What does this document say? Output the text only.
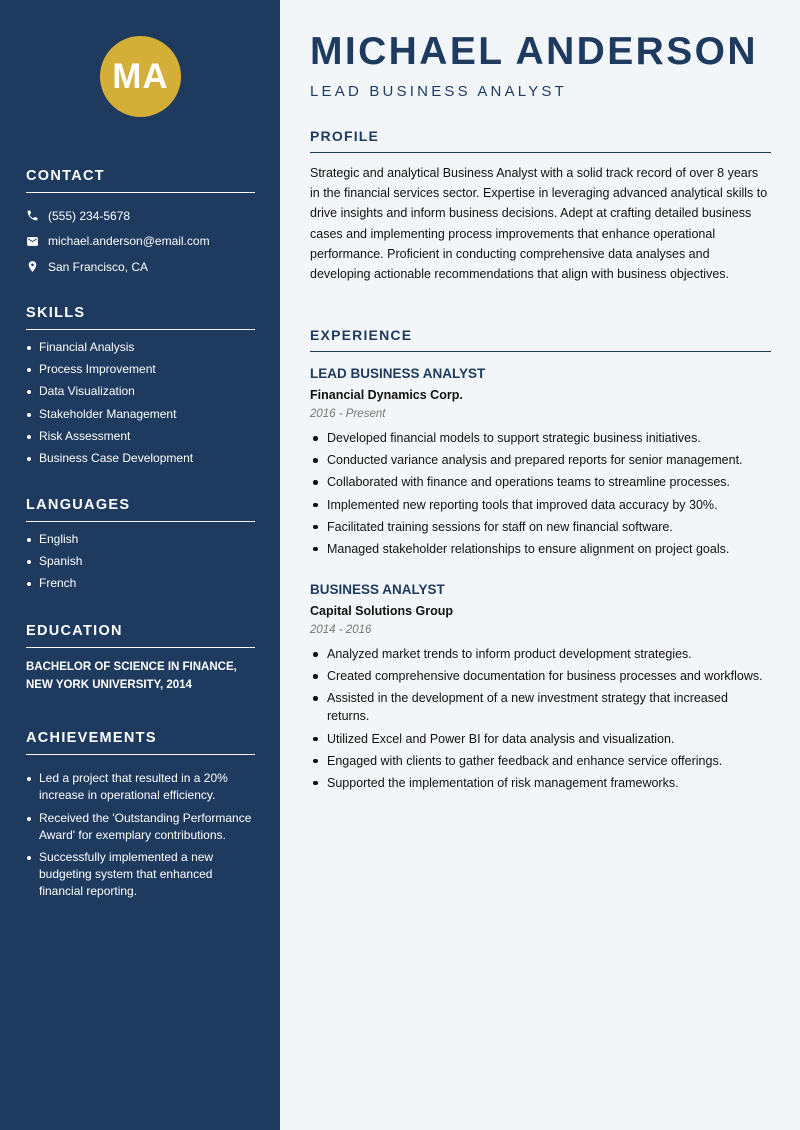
MA
CONTACT
(555) 234-5678
michael.anderson@email.com
San Francisco, CA
SKILLS
Financial Analysis
Process Improvement
Data Visualization
Stakeholder Management
Risk Assessment
Business Case Development
LANGUAGES
English
Spanish
French
EDUCATION
BACHELOR OF SCIENCE IN FINANCE,
NEW YORK UNIVERSITY, 2014
ACHIEVEMENTS
Led a project that resulted in a 20% increase in operational efficiency.
Received the 'Outstanding Performance Award' for exemplary contributions.
Successfully implemented a new budgeting system that enhanced financial reporting.
MICHAEL ANDERSON
LEAD BUSINESS ANALYST
PROFILE

Strategic and analytical Business Analyst with a solid track record of over 8 years in the financial services sector. Expertise in leveraging advanced analytical skills to drive insights and inform business decisions. Adept at crafting detailed business cases and implementing process improvements that enhance operational performance. Proficient in conducting comprehensive data analyses and developing actionable recommendations that align with business objectives.

EXPERIENCE
LEAD BUSINESS ANALYST
Financial Dynamics Corp.
2016 - Present
Developed financial models to support strategic business initiatives.
Conducted variance analysis and prepared reports for senior management.
Collaborated with finance and operations teams to streamline processes.
Implemented new reporting tools that improved data accuracy by 30%.
Facilitated training sessions for staff on new financial software.
Managed stakeholder relationships to ensure alignment on project goals.
BUSINESS ANALYST
Capital Solutions Group
2014 - 2016
Analyzed market trends to inform product development strategies.
Created comprehensive documentation for business processes and workflows.
Assisted in the development of a new investment strategy that increased returns.
Utilized Excel and Power BI for data analysis and visualization.
Engaged with clients to gather feedback and enhance service offerings.
Supported the implementation of risk management frameworks.
